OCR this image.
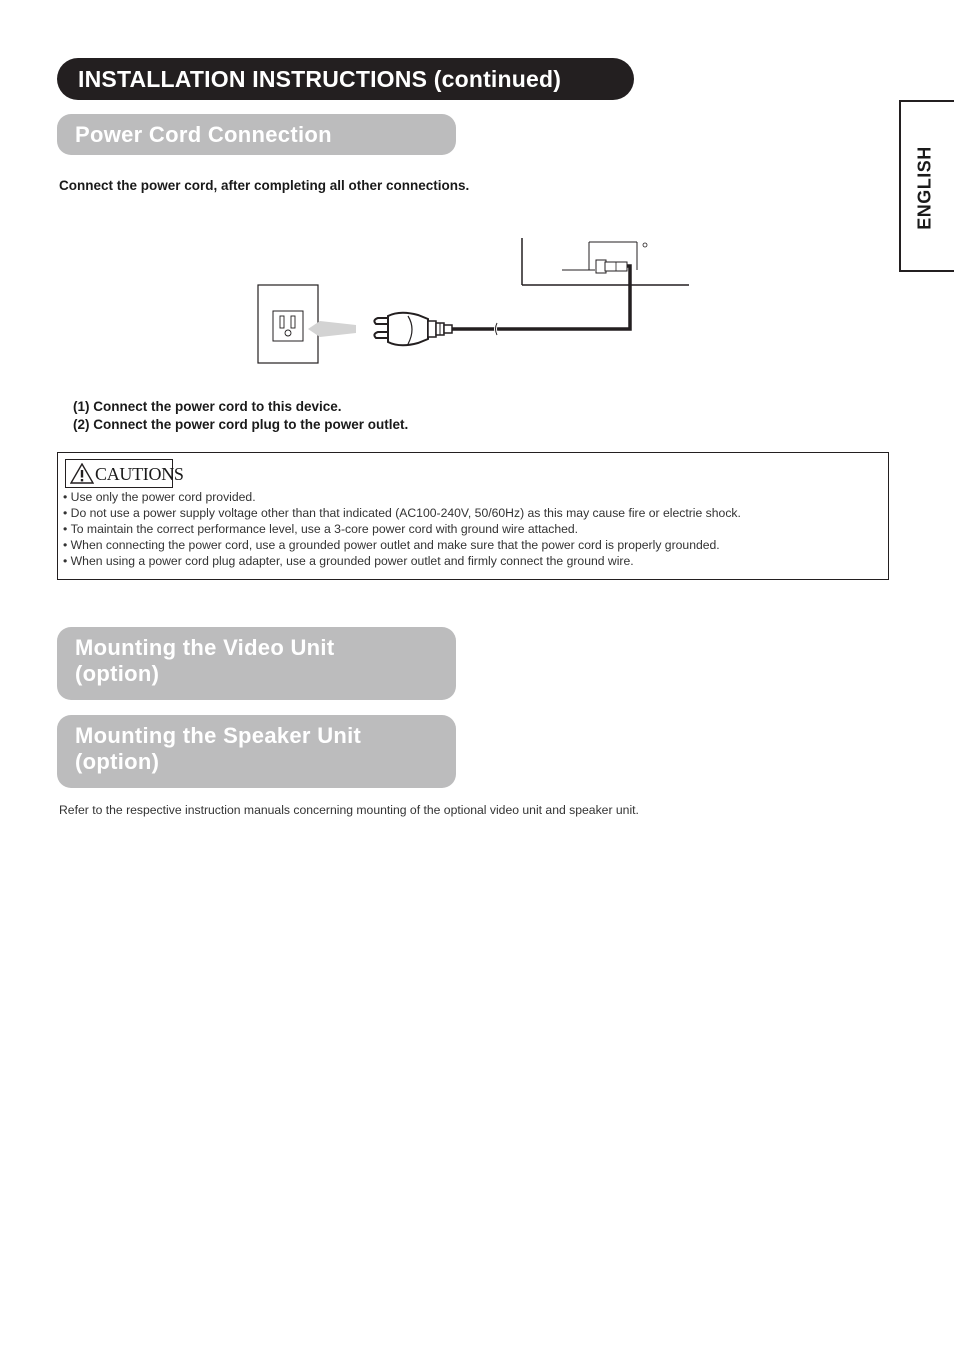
INSTALLATION INSTRUCTIONS (continued)
ENGLISH
Power Cord Connection
Connect the power cord, after completing all other connections.
(1) Connect the power cord to this device.
(2) Connect the power cord plug to the power outlet.
CAUTIONS
• Use only the power cord provided.
• Do not use a power supply voltage other than that indicated (AC100-240V, 50/60Hz) as this may cause fire or electrie shock.
• To maintain the correct performance level, use a 3-core power cord with ground wire attached.
• When connecting the power cord, use a grounded power outlet and make sure that the power cord is properly grounded.
• When using a power cord plug adapter, use a grounded power outlet and firmly connect the ground wire.
Mounting the Video Unit
(option)
Mounting the Speaker Unit
(option)
Refer to the respective instruction manuals concerning mounting of the optional video unit and speaker unit.
